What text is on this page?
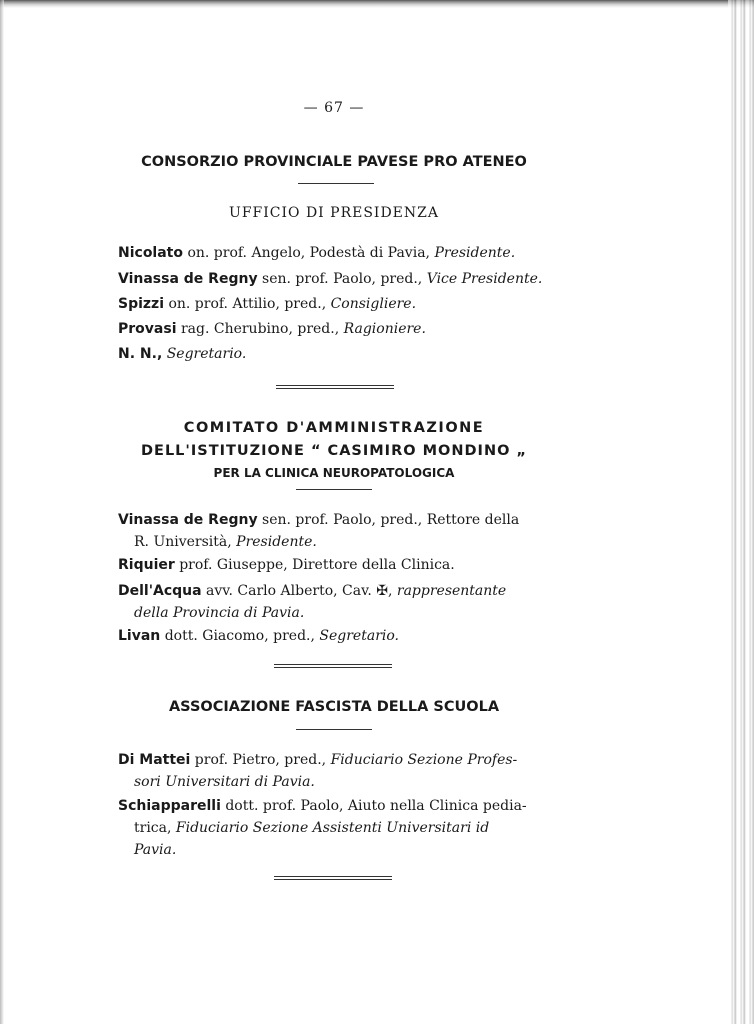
— 67 —
CONSORZIO PROVINCIALE PAVESE PRO ATENEO
UFFICIO DI PRESIDENZA
Nicolato on. prof. Angelo, Podestà di Pavia, Presidente.
Vinassa de Regny sen. prof. Paolo, pred., Vice Presidente.
Spizzi on. prof. Attilio, pred., Consigliere.
Provasi rag. Cherubino, pred., Ragioniere.
N. N., Segretario.
COMITATO D'AMMINISTRAZIONE
DELL'ISTITUZIONE “ CASIMIRO MONDINO „
PER LA CLINICA NEUROPATOLOGICA
Vinassa de Regny sen. prof. Paolo, pred., Rettore della
R. Università, Presidente.
Riquier prof. Giuseppe, Direttore della Clinica.
Dell'Acqua avv. Carlo Alberto, Cav. ✠, rappresentante
della Provincia di Pavia.
Livan dott. Giacomo, pred., Segretario.
ASSOCIAZIONE FASCISTA DELLA SCUOLA
Di Mattei prof. Pietro, pred., Fiduciario Sezione Profes-
sori Universitari di Pavia.
Schiapparelli dott. prof. Paolo, Aiuto nella Clinica pedia-
trica, Fiduciario Sezione Assistenti Universitari id
Pavia.
